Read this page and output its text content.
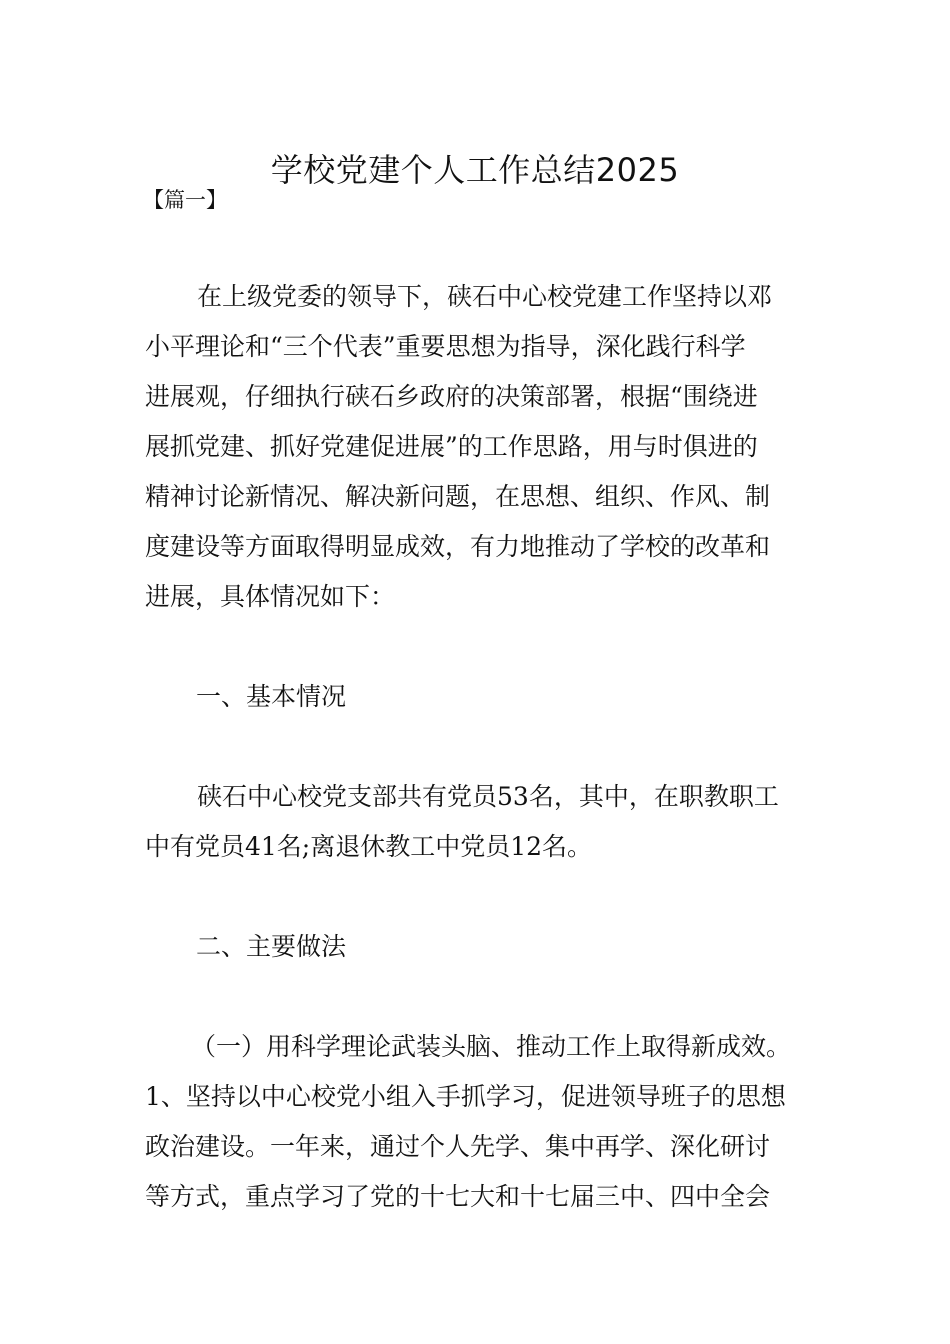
学校党建个人工作总结2025
【篇一】

在上级党委的领导下，硖石中心校党建工作坚持以邓
小平理论和“三个代表”重要思想为指导，深化践行科学
进展观，仔细执行硖石乡政府的决策部署，根据“围绕进
展抓党建、抓好党建促进展”的工作思路，用与时俱进的
精神讨论新情况、解决新问题，在思想、组织、作风、制
度建设等方面取得明显成效，有力地推动了学校的改革和
进展，具体情况如下：

一、基本情况

硖石中心校党支部共有党员53名，其中，在职教职工
中有党员41名;离退休教工中党员12名。

二、主要做法

（一）用科学理论武装头脑、推动工作上取得新成效。
1、坚持以中心校党小组入手抓学习，促进领导班子的思想
政治建设。一年来，通过个人先学、集中再学、深化研讨
等方式，重点学习了党的十七大和十七届三中、四中全会
